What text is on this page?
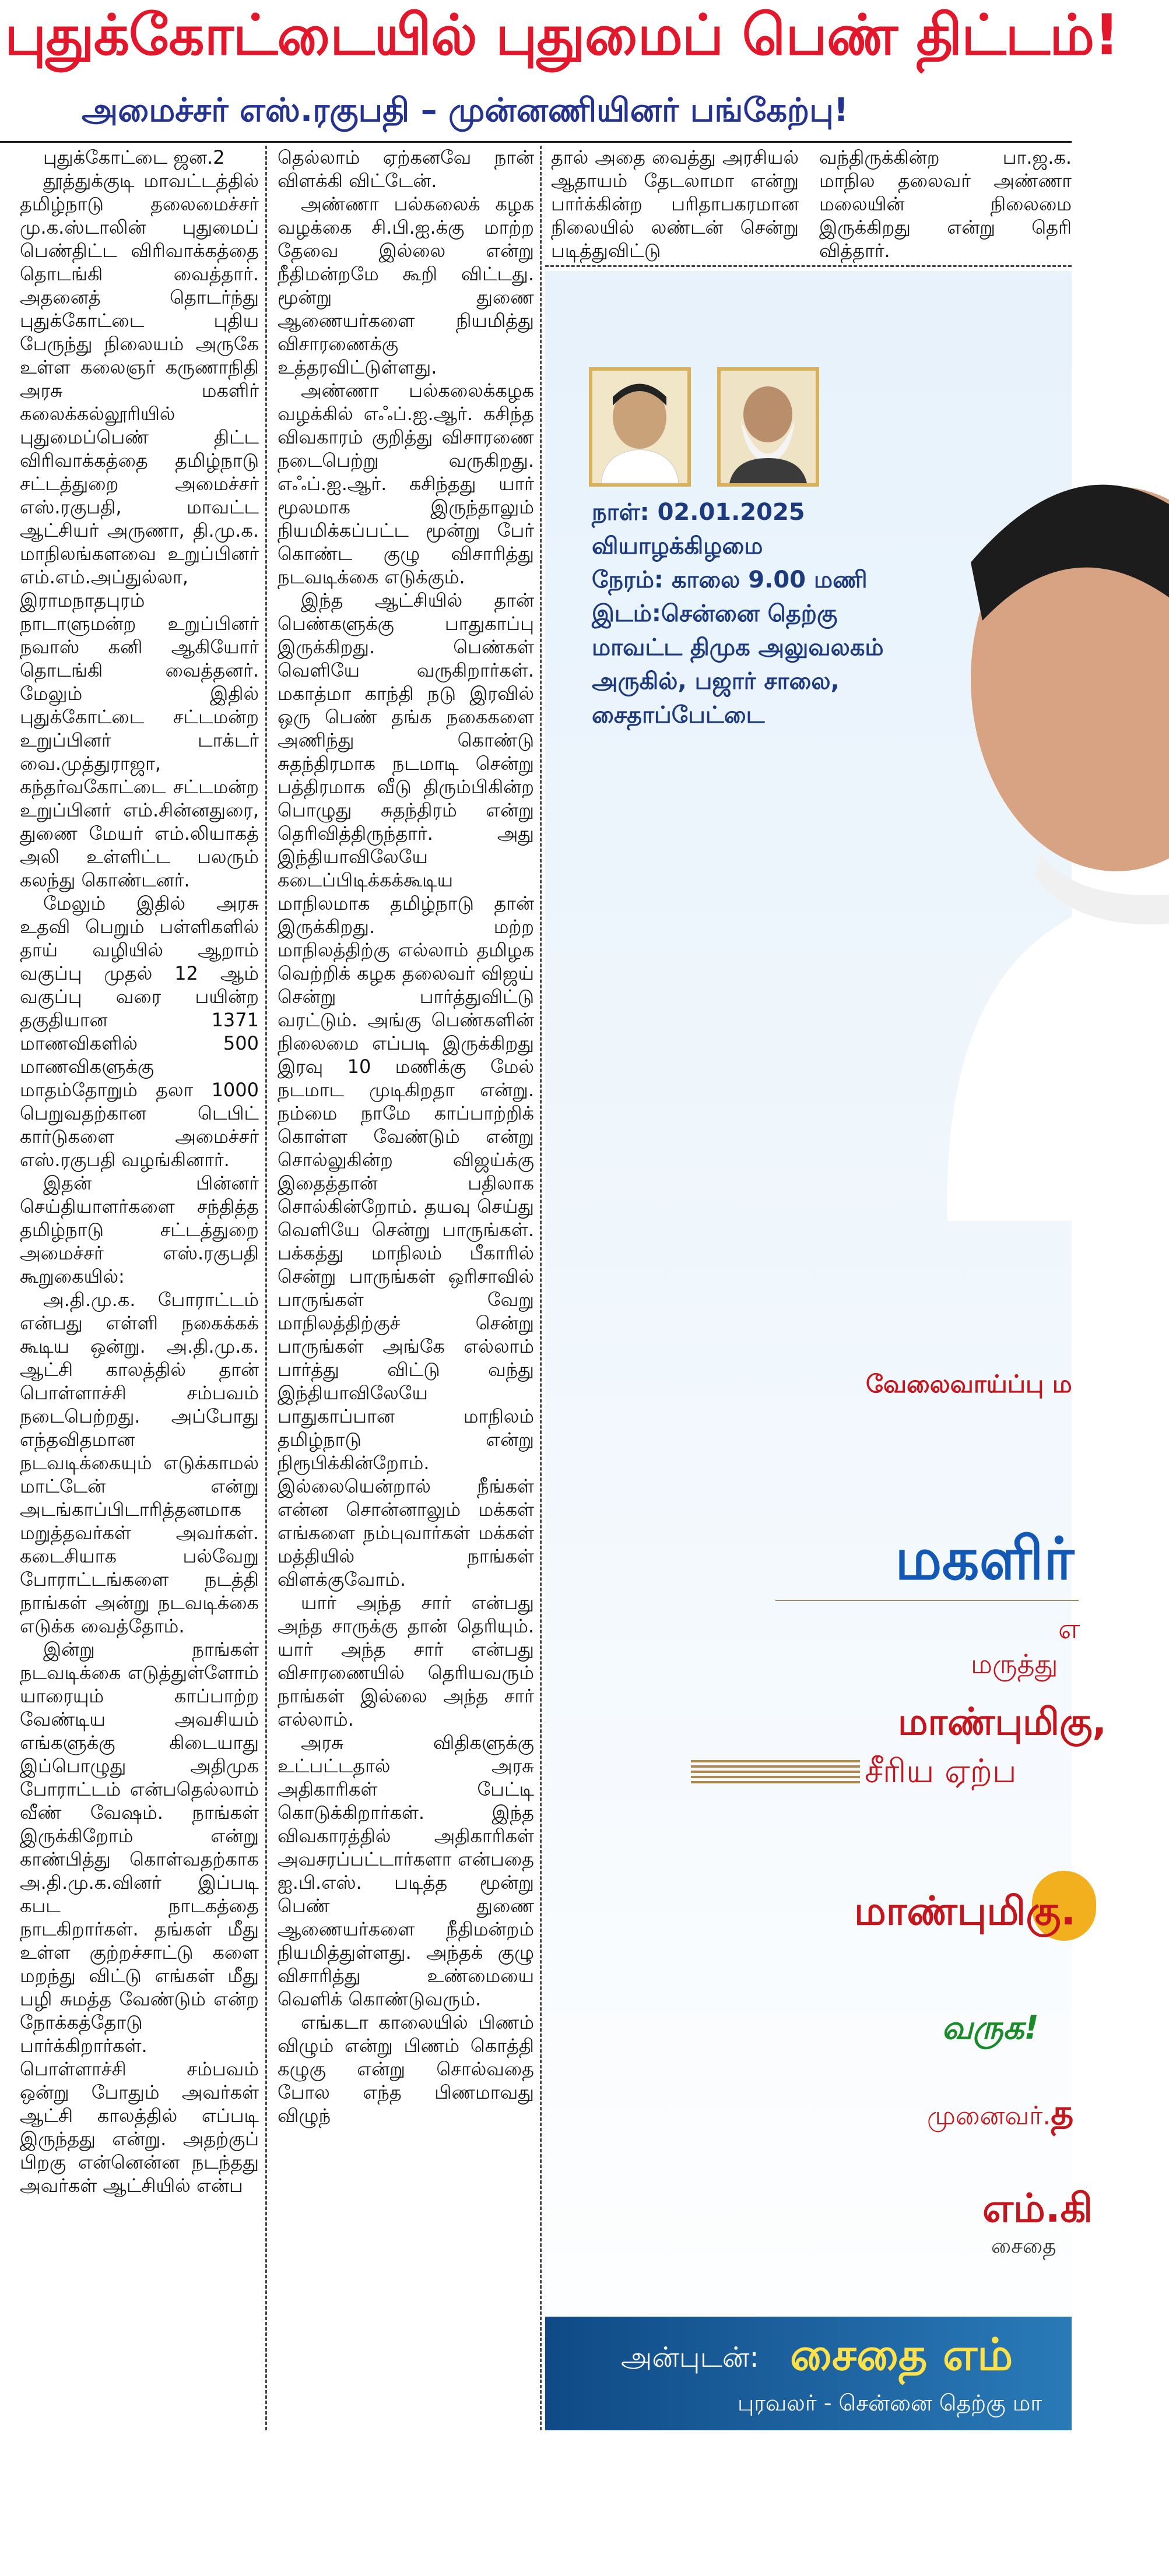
புதுக்கோட்டையில் புதுமைப் பெண் திட்டம்!
அமைச்சர் எஸ்.ரகுபதி – முன்னணியினர் பங்கேற்பு!

புதுக்கோட்டை ஜன.2

தூத்துக்குடி மாவட்டத்தில் தமிழ்நாடு தலைமைச்சர் மு.க.ஸ்டாலின் புதுமைப் பெண்திட்ட விரிவாக்கத்தை தொடங்கி வைத்தார். அதனைத் தொடர்ந்து புதுக்கோட்டை புதிய பேருந்து நிலையம் அருகே உள்ள கலைஞர் கருணாநிதி அரசு மகளிர் கலைக்கல்லூரியில் புதுமைப்பெண் திட்ட விரிவாக்கத்தை தமிழ்நாடு சட்டத்துறை அமைச்சர் எஸ்.ரகுபதி, மாவட்ட ஆட்சியர் அருணா, தி.மு.க. மாநிலங்களவை உறுப்பினர் எம்.எம்.அப்துல்லா, இராமநாதபுரம் நாடாளுமன்ற உறுப்பினர் நவாஸ் கனி ஆகியோர் தொடங்கி வைத்தனர். மேலும் இதில் புதுக்கோட்டை சட்டமன்ற உறுப்பினர் டாக்டர் வை.முத்துராஜா, கந்தர்வகோட்டை சட்டமன்ற உறுப்பினர் எம்.சின்னதுரை, துணை மேயர் எம்.லியாகத் அலி உள்ளிட்ட பலரும் கலந்து கொண்டனர்.

மேலும் இதில் அரசு உதவி பெறும் பள்ளிகளில் தாய் வழியில் ஆறாம் வகுப்பு முதல் 12 ஆம் வகுப்பு வரை பயின்ற தகுதியான 1371 மாணவிகளில் 500 மாணவிகளுக்கு மாதம்தோறும் தலா 1000 பெறுவதற்கான டெபிட் கார்டுகளை அமைச்சர் எஸ்.ரகுபதி வழங்கினார்.

இதன் பின்னர் செய்தியாளர்களை சந்தித்த தமிழ்நாடு சட்டத்துறை அமைச்சர் எஸ்.ரகுபதி கூறுகையில்:

அ.தி.மு.க. போராட்டம் என்பது எள்ளி நகைக்கக் கூடிய ஒன்று. அ.தி.மு.க. ஆட்சி காலத்தில் தான் பொள்ளாச்சி சம்பவம் நடைபெற்றது. அப்போது எந்தவிதமான நடவடிக்கையும் எடுக்காமல் மாட்டேன் என்று அடங்காப்பிடாரித்தனமாக மறுத்தவர்கள் அவர்கள். கடைசியாக பல்வேறு போராட்டங்களை நடத்தி நாங்கள் அன்று நடவடிக்கை எடுக்க வைத்தோம்.

இன்று நாங்கள் நடவடிக்கை எடுத்துள்ளோம் யாரையும் காப்பாற்ற வேண்டிய அவசியம் எங்களுக்கு கிடையாது இப்பொழுது அதிமுக போராட்டம் என்பதெல்லாம் வீண் வேஷம். நாங்கள் இருக்கிறோம் என்று காண்பித்து கொள்வதற்காக அ.தி.மு.க.வினர் இப்படி கபட நாடகத்தை நாடகிறார்கள். தங்கள் மீது உள்ள குற்றச்சாட்டு களை மறந்து விட்டு எங்கள் மீது பழி சுமத்த வேண்டும் என்ற நோக்கத்தோடு பார்க்கிறார்கள். பொள்ளாச்சி சம்பவம் ஒன்று போதும் அவர்கள் ஆட்சி காலத்தில் எப்படி இருந்தது என்று. அதற்குப் பிறகு என்னென்ன நடந்தது அவர்கள் ஆட்சியில் என்ப

தெல்லாம் ஏற்கனவே நான் விளக்கி விட்டேன்.

அண்ணா பல்கலைக் கழக வழக்கை சி.பி.ஐ.க்கு மாற்ற தேவை இல்லை என்று நீதிமன்றமே கூறி விட்டது. மூன்று துணை ஆணையர்களை நியமித்து விசாரணைக்கு உத்தரவிட்டுள்ளது.

அண்ணா பல்கலைக்கழக வழக்கில் எஃப்.ஐ.ஆர். கசிந்த விவகாரம் குறித்து விசாரணை நடைபெற்று வருகிறது. எஃப்.ஐ.ஆர். கசிந்தது யார் மூலமாக இருந்தாலும் நியமிக்கப்பட்ட மூன்று பேர் கொண்ட குழு விசாரித்து நடவடிக்கை எடுக்கும்.

இந்த ஆட்சியில் தான் பெண்களுக்கு பாதுகாப்பு இருக்கிறது. பெண்கள் வெளியே வருகிறார்கள். மகாத்மா காந்தி நடு இரவில் ஒரு பெண் தங்க நகைகளை அணிந்து கொண்டு சுதந்திரமாக நடமாடி சென்று பத்திரமாக வீடு திரும்பிகின்ற பொழுது சுதந்திரம் என்று தெரிவித்திருந்தார். அது இந்தியாவிலேயே கடைப்பிடிக்கக்கூடிய மாநிலமாக தமிழ்நாடு தான் இருக்கிறது. மற்ற மாநிலத்திற்கு எல்லாம் தமிழக வெற்றிக் கழக தலைவர் விஜய் சென்று பார்த்துவிட்டு வரட்டும். அங்கு பெண்களின் நிலைமை எப்படி இருக்கிறது இரவு 10 மணிக்கு மேல் நடமாட முடிகிறதா என்று. நம்மை நாமே காப்பாற்றிக் கொள்ள வேண்டும் என்று சொல்லுகின்ற விஜய்க்கு இதைத்தான் பதிலாக சொல்கின்றோம். தயவு செய்து வெளியே சென்று பாருங்கள். பக்கத்து மாநிலம் பீகாரில் சென்று பாருங்கள் ஒரிசாவில் பாருங்கள் வேறு மாநிலத்திற்குச் சென்று பாருங்கள் அங்கே எல்லாம் பார்த்து விட்டு வந்து இந்தியாவிலேயே பாதுகாப்பான மாநிலம் தமிழ்நாடு என்று நிரூபிக்கின்றோம். இல்லையென்றால் நீங்கள் என்ன சொன்னாலும் மக்கள் எங்களை நம்புவார்கள் மக்கள் மத்தியில் நாங்கள் விளக்குவோம்.

யார் அந்த சார் என்பது அந்த சாருக்கு தான் தெரியும். யார் அந்த சார் என்பது விசாரணையில் தெரியவரும் நாங்கள் இல்லை அந்த சார் எல்லாம்.

அரசு விதிகளுக்கு உட்பட்டதால் அரசு அதிகாரிகள் பேட்டி கொடுக்கிறார்கள். இந்த விவகாரத்தில் அதிகாரிகள் அவசரப்பட்டார்களா என்பதை ஐ.பி.எஸ். படித்த மூன்று பெண் துணை ஆணையர்களை நீதிமன்றம் நியமித்துள்ளது. அந்தக் குழு விசாரித்து உண்மையை வெளிக் கொண்டுவரும்.

எங்கடா காலையில் பிணம் விழும் என்று பிணம் கொத்தி கழுகு என்று சொல்வதை போல எந்த பிணமாவது விழுந்

தால் அதை வைத்து அரசியல் ஆதாயம் தேடலாமா என்று பார்க்கின்ற பரிதாபகரமான நிலையில் லண்டன் சென்று படித்துவிட்டு

வந்திருக்கின்ற பா.ஜ.க. மாநில தலைவர் அண்ணா மலையின் நிலைமை இருக்கிறது என்று தெரி வித்தார்.

நாள்: 02.01.2025
வியாழக்கிழமை
நேரம்: காலை 9.00 மணி
இடம்:சென்னை தெற்கு
மாவட்ட திமுக அலுவலகம்
அருகில், பஜார் சாலை,
சைதாப்பேட்டை
வேலைவாய்ப்பு ம
மகளிர்
எ
மருத்து
மாண்புமிகு,
சீரிய ஏற்ப
மாண்புமிகு.
வருக!
முனைவர்.த
எம்.கி
சைதை
அன்புடன்: சைதை எம்
புரவலர் - சென்னை தெற்கு மா
